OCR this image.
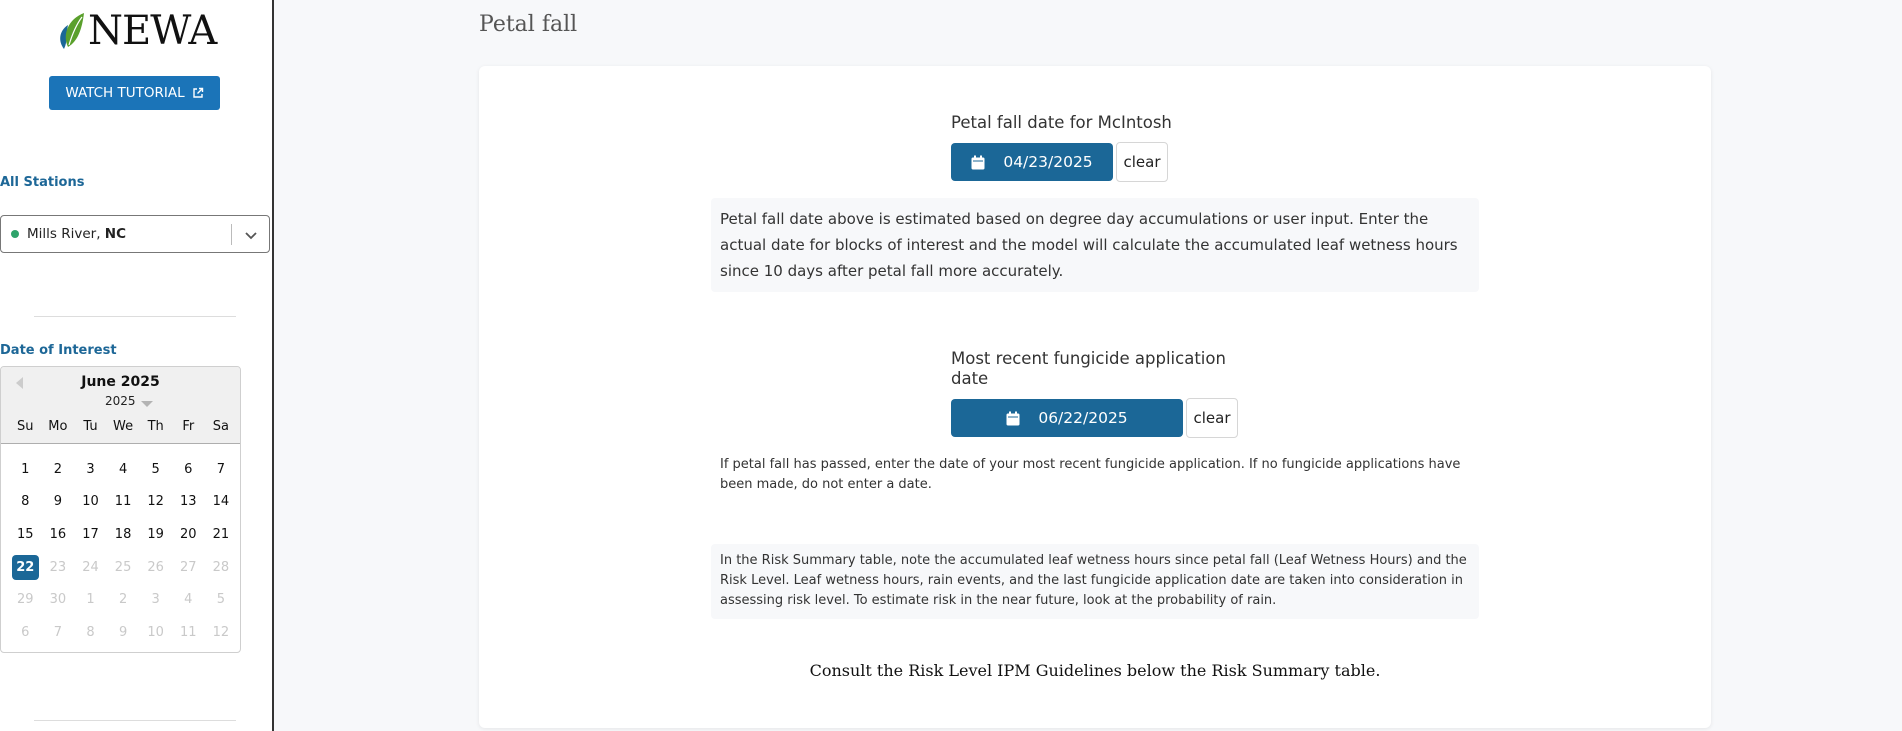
NEWA
WATCH TUTORIAL
All Stations
Mills River, NC
Date of Interest
June 2025
2025
Su	Mo	Tu	We	Th	Fr	Sa
1	2	3	4	5	6	7
8	9	10	11	12	13	14
15	16	17	18	19	20	21
22	23	24	25	26	27	28
29	30	1	2	3	4	5
6	7	8	9	10	11	12
Petal fall
Petal fall date for McIntosh
04/23/2025	clear
Petal fall date above is estimated based on degree day accumulations or user input. Enter the actual date for blocks of interest and the model will calculate the accumulated leaf wetness hours since 10 days after petal fall more accurately.
Most recent fungicide application date
06/22/2025	clear
If petal fall has passed, enter the date of your most recent fungicide application. If no fungicide applications have been made, do not enter a date.
In the Risk Summary table, note the accumulated leaf wetness hours since petal fall (Leaf Wetness Hours) and the Risk Level. Leaf wetness hours, rain events, and the last fungicide application date are taken into consideration in assessing risk level. To estimate risk in the near future, look at the probability of rain.
Consult the Risk Level IPM Guidelines below the Risk Summary table.
